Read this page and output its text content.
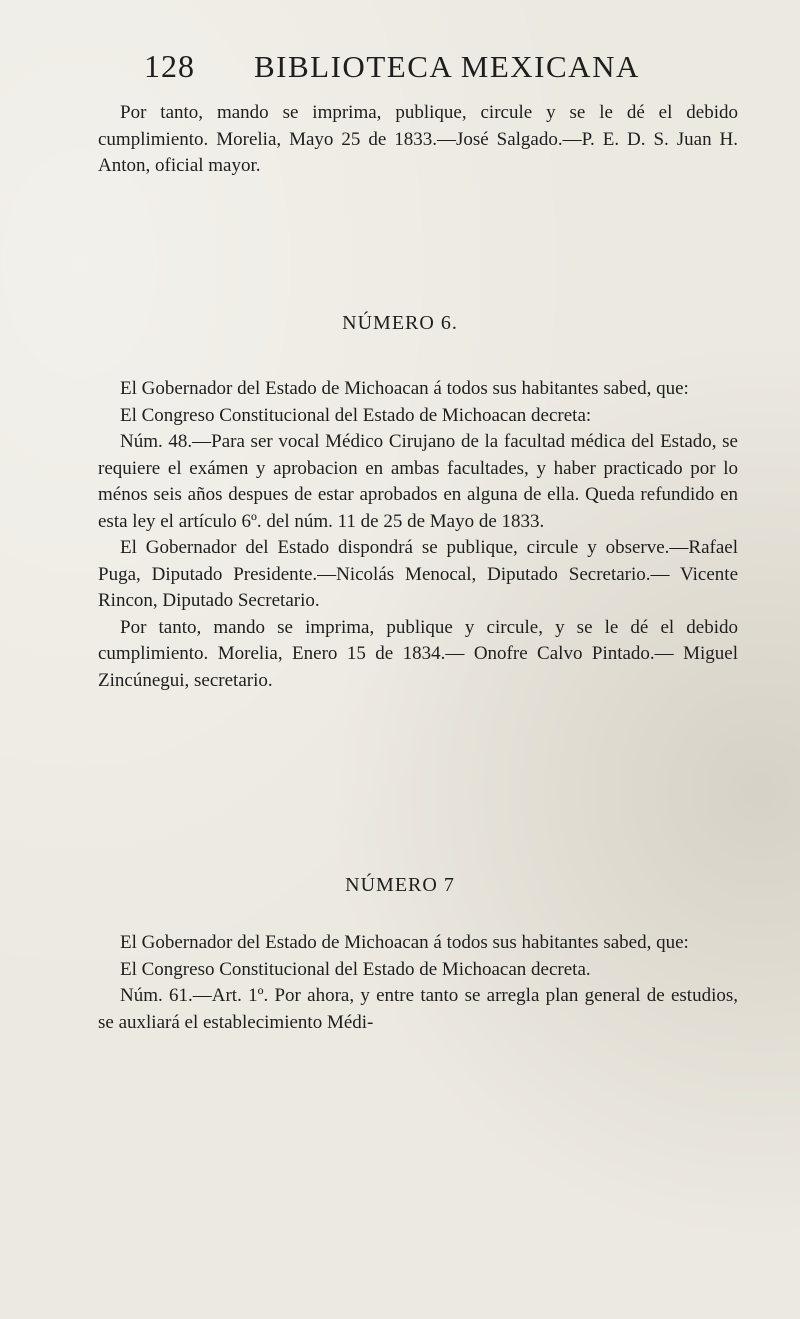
128 BIBLIOTECA MEXICANA

Por tanto, mando se imprima, publique, circule y se le dé el debido cumplimiento. Morelia, Mayo 25 de 1833.—José Salgado.—P. E. D. S. Juan H. Anton, oficial mayor.

NÚMERO 6.

El Gobernador del Estado de Michoacan á todos sus habitantes sabed, que:

El Congreso Constitucional del Estado de Michoacan decreta:

Núm. 48.—Para ser vocal Médico Cirujano de la facultad médica del Estado, se requiere el exámen y aprobacion en ambas facultades, y haber practicado por lo ménos seis años despues de estar aprobados en alguna de ella. Queda refundido en esta ley el artículo 6º. del núm. 11 de 25 de Mayo de 1833.

El Gobernador del Estado dispondrá se publique, circule y observe.—Rafael Puga, Diputado Presidente.—Nicolás Menocal, Diputado Secretario.— Vicente Rincon, Diputado Secretario.

Por tanto, mando se imprima, publique y circule, y se le dé el debido cumplimiento. Morelia, Enero 15 de 1834.— Onofre Calvo Pintado.— Miguel Zincúnegui, secretario.

NÚMERO 7

El Gobernador del Estado de Michoacan á todos sus habitantes sabed, que:

El Congreso Constitucional del Estado de Michoacan decreta.

Núm. 61.—Art. 1º. Por ahora, y entre tanto se arregla plan general de estudios, se auxliará el establecimiento Médi-
